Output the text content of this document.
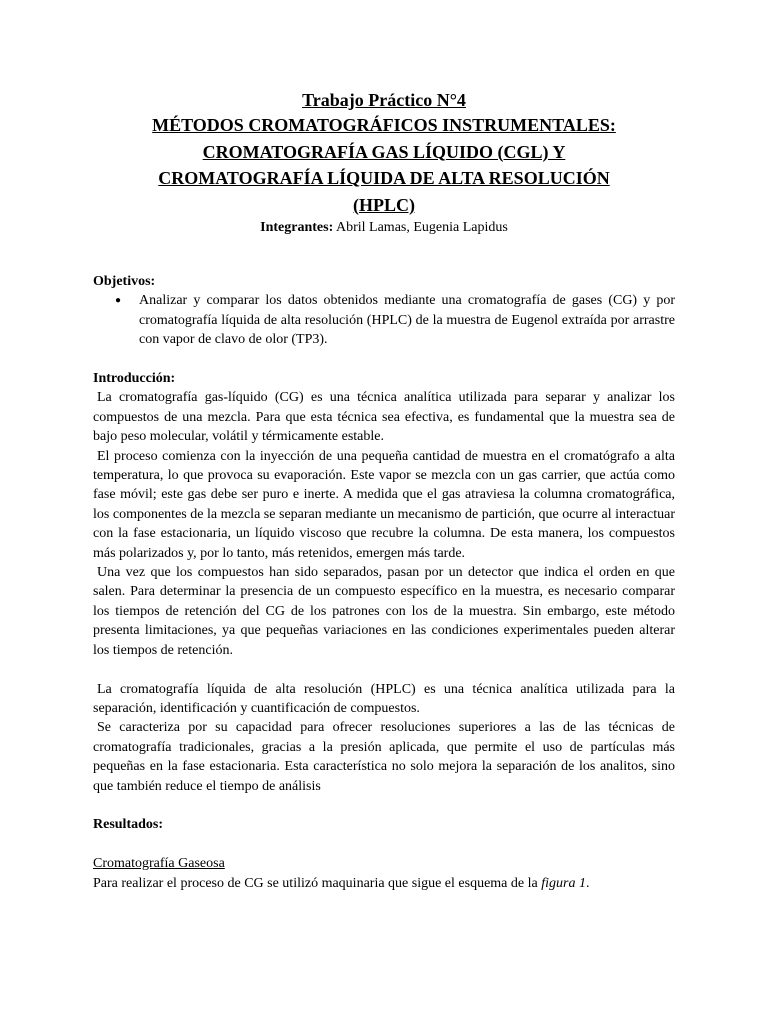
Trabajo Práctico N°4

MÉTODOS CROMATOGRÁFICOS INSTRUMENTALES:
CROMATOGRAFÍA GAS LÍQUIDO (CGL) Y
CROMATOGRAFÍA LÍQUIDA DE ALTA RESOLUCIÓN
(HPLC)
Integrantes: Abril Lamas, Eugenia Lapidus

Objetivos:

● Analizar y comparar los datos obtenidos mediante una cromatografía de gases (CG) y por cromatografía líquida de alta resolución (HPLC) de la muestra de Eugenol extraída por arrastre con vapor de clavo de olor (TP3).

Introducción:

La cromatografía gas-líquido (CG) es una técnica analítica utilizada para separar y analizar los compuestos de una mezcla. Para que esta técnica sea efectiva, es fundamental que la muestra sea de bajo peso molecular, volátil y térmicamente estable.

El proceso comienza con la inyección de una pequeña cantidad de muestra en el cromatógrafo a alta temperatura, lo que provoca su evaporación. Este vapor se mezcla con un gas carrier, que actúa como fase móvil; este gas debe ser puro e inerte. A medida que el gas atraviesa la columna cromatográfica, los componentes de la mezcla se separan mediante un mecanismo de partición, que ocurre al interactuar con la fase estacionaria, un líquido viscoso que recubre la columna. De esta manera, los compuestos más polarizados y, por lo tanto, más retenidos, emergen más tarde.

Una vez que los compuestos han sido separados, pasan por un detector que indica el orden en que salen. Para determinar la presencia de un compuesto específico en la muestra, es necesario comparar los tiempos de retención del CG de los patrones con los de la muestra. Sin embargo, este método presenta limitaciones, ya que pequeñas variaciones en las condiciones experimentales pueden alterar los tiempos de retención.

La cromatografía líquida de alta resolución (HPLC) es una técnica analítica utilizada para la separación, identificación y cuantificación de compuestos.

Se caracteriza por su capacidad para ofrecer resoluciones superiores a las de las técnicas de cromatografía tradicionales, gracias a la presión aplicada, que permite el uso de partículas más pequeñas en la fase estacionaria. Esta característica no solo mejora la separación de los analitos, sino que también reduce el tiempo de análisis

Resultados:

Cromatografía Gaseosa

Para realizar el proceso de CG se utilizó maquinaria que sigue el esquema de la figura 1.
